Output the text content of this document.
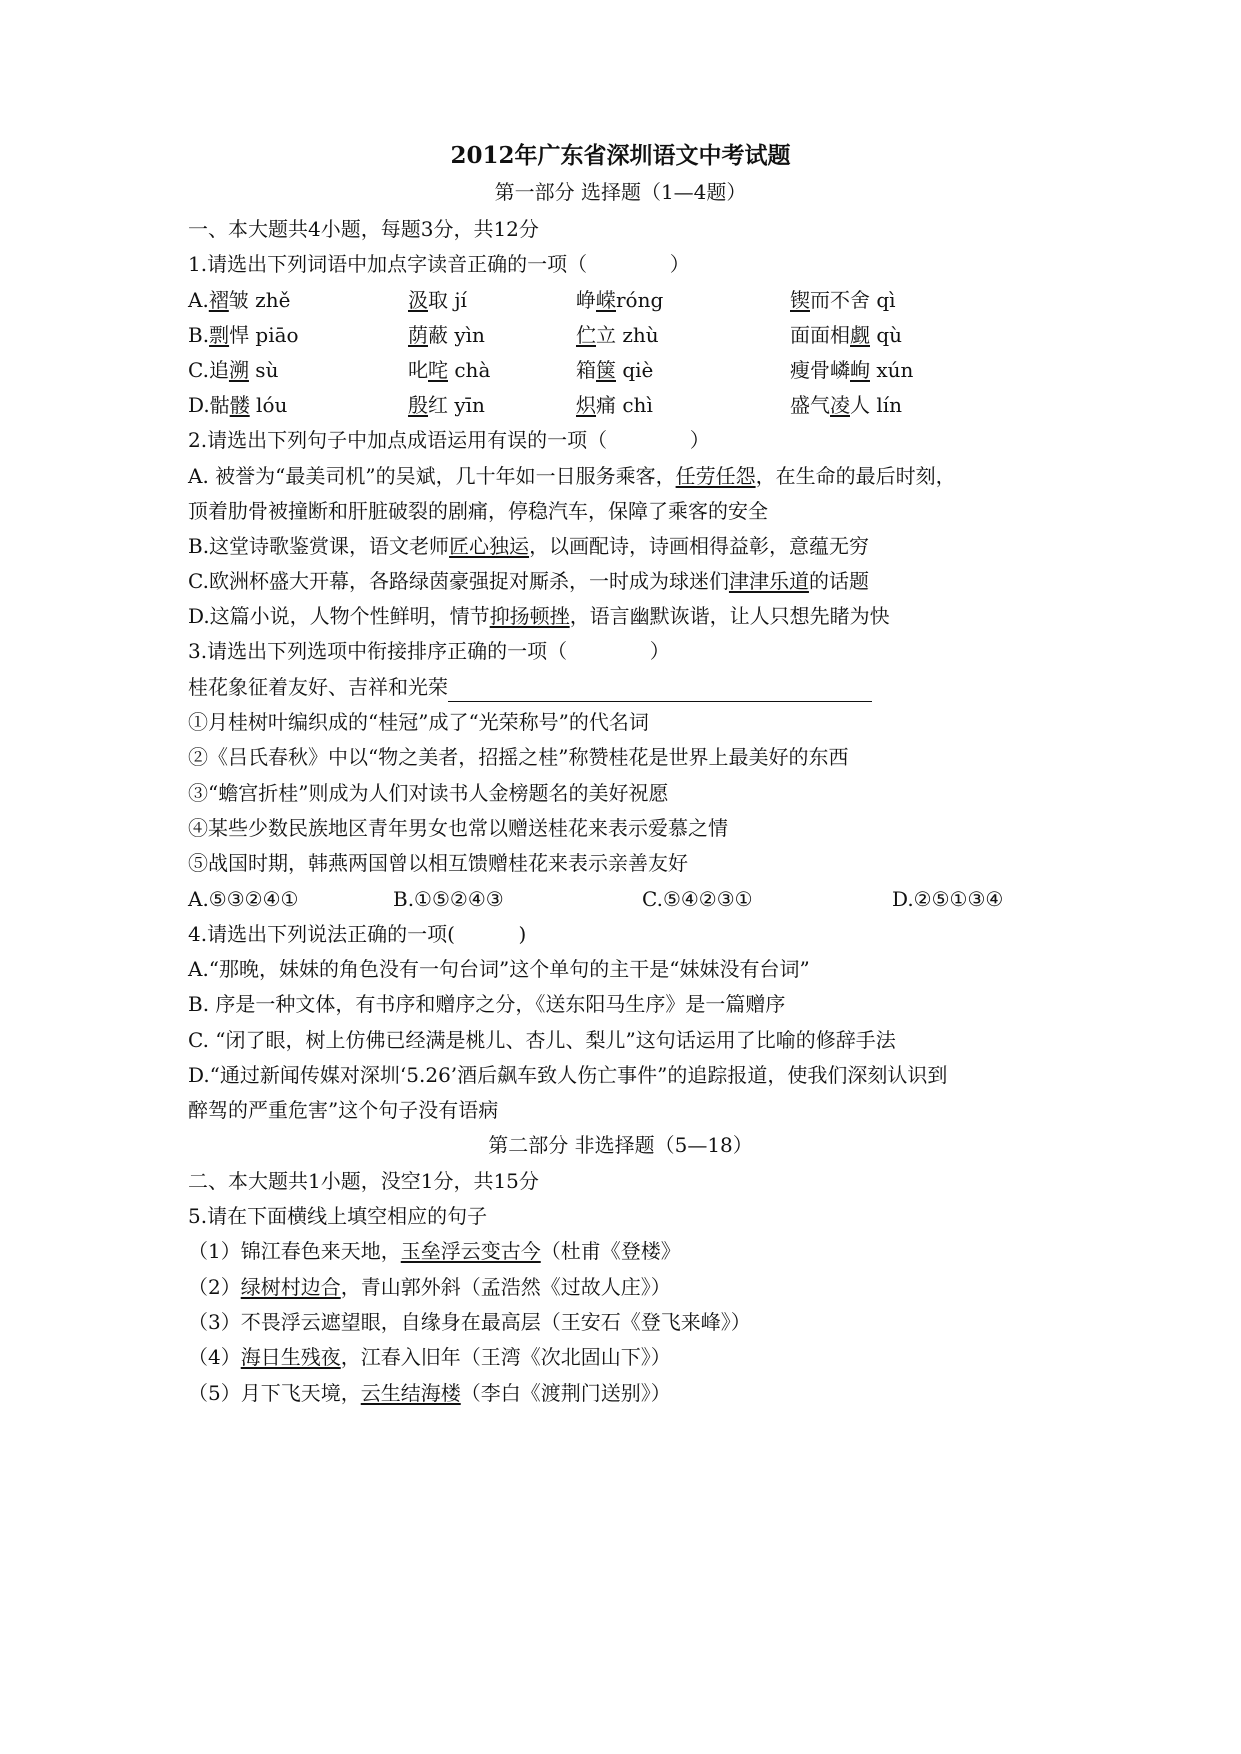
2012年广东省深圳语文中考试题
第一部分 选择题（1—4题）
一、本大题共4小题，每题3分，共12分
1.请选出下列词语中加点字读音正确的一项（             ）
A.褶皱 zhě	汲取 jí	峥嵘róng	锲而不舍 qì
B.剽悍 piāo	荫蔽 yìn	伫立 zhù	面面相觑 qù
C.追溯 sù	叱咤 chà	箱箧 qiè	瘦骨嶙峋 xún
D.骷髅 lóu	殷红 yīn	炽痛 chì	盛气凌人 lín
2.请选出下列句子中加点成语运用有误的一项（             ）
A. 被誉为“最美司机”的吴斌，几十年如一日服务乘客，任劳任怨，在生命的最后时刻，
顶着肋骨被撞断和肝脏破裂的剧痛，停稳汽车，保障了乘客的安全
B.这堂诗歌鉴赏课，语文老师匠心独运，以画配诗，诗画相得益彰，意蕴无穷
C.欧洲杯盛大开幕，各路绿茵豪强捉对厮杀，一时成为球迷们津津乐道的话题
D.这篇小说，人物个性鲜明，情节抑扬顿挫，语言幽默诙谐，让人只想先睹为快
3.请选出下列选项中衔接排序正确的一项（             ）
桂花象征着友好、吉祥和光荣
①月桂树叶编织成的“桂冠”成了“光荣称号”的代名词
②《吕氏春秋》中以“物之美者，招摇之桂”称赞桂花是世界上最美好的东西
③“蟾宫折桂”则成为人们对读书人金榜题名的美好祝愿
④某些少数民族地区青年男女也常以赠送桂花来表示爱慕之情
⑤战国时期，韩燕两国曾以相互馈赠桂花来表示亲善友好
A.⑤③②④①	B.①⑤②④③	C.⑤④②③①	D.②⑤①③④
4.请选出下列说法正确的一项(          )
A.“那晚，妹妹的角色没有一句台词”这个单句的主干是“妹妹没有台词”
B. 序是一种文体，有书序和赠序之分，《送东阳马生序》是一篇赠序
C. “闭了眼，树上仿佛已经满是桃儿、杏儿、梨儿”这句话运用了比喻的修辞手法
D.“通过新闻传媒对深圳‘5.26’酒后飙车致人伤亡事件”的追踪报道，使我们深刻认识到
醉驾的严重危害”这个句子没有语病
第二部分 非选择题（5—18）
二、本大题共1小题，没空1分，共15分
5.请在下面横线上填空相应的句子
（1）锦江春色来天地，玉垒浮云变古今（杜甫《登楼》
（2）绿树村边合，青山郭外斜（孟浩然《过故人庄》）
（3）不畏浮云遮望眼，自缘身在最高层（王安石《登飞来峰》）
（4）海日生残夜，江春入旧年（王湾《次北固山下》）
（5）月下飞天境，云生结海楼（李白《渡荆门送别》）
